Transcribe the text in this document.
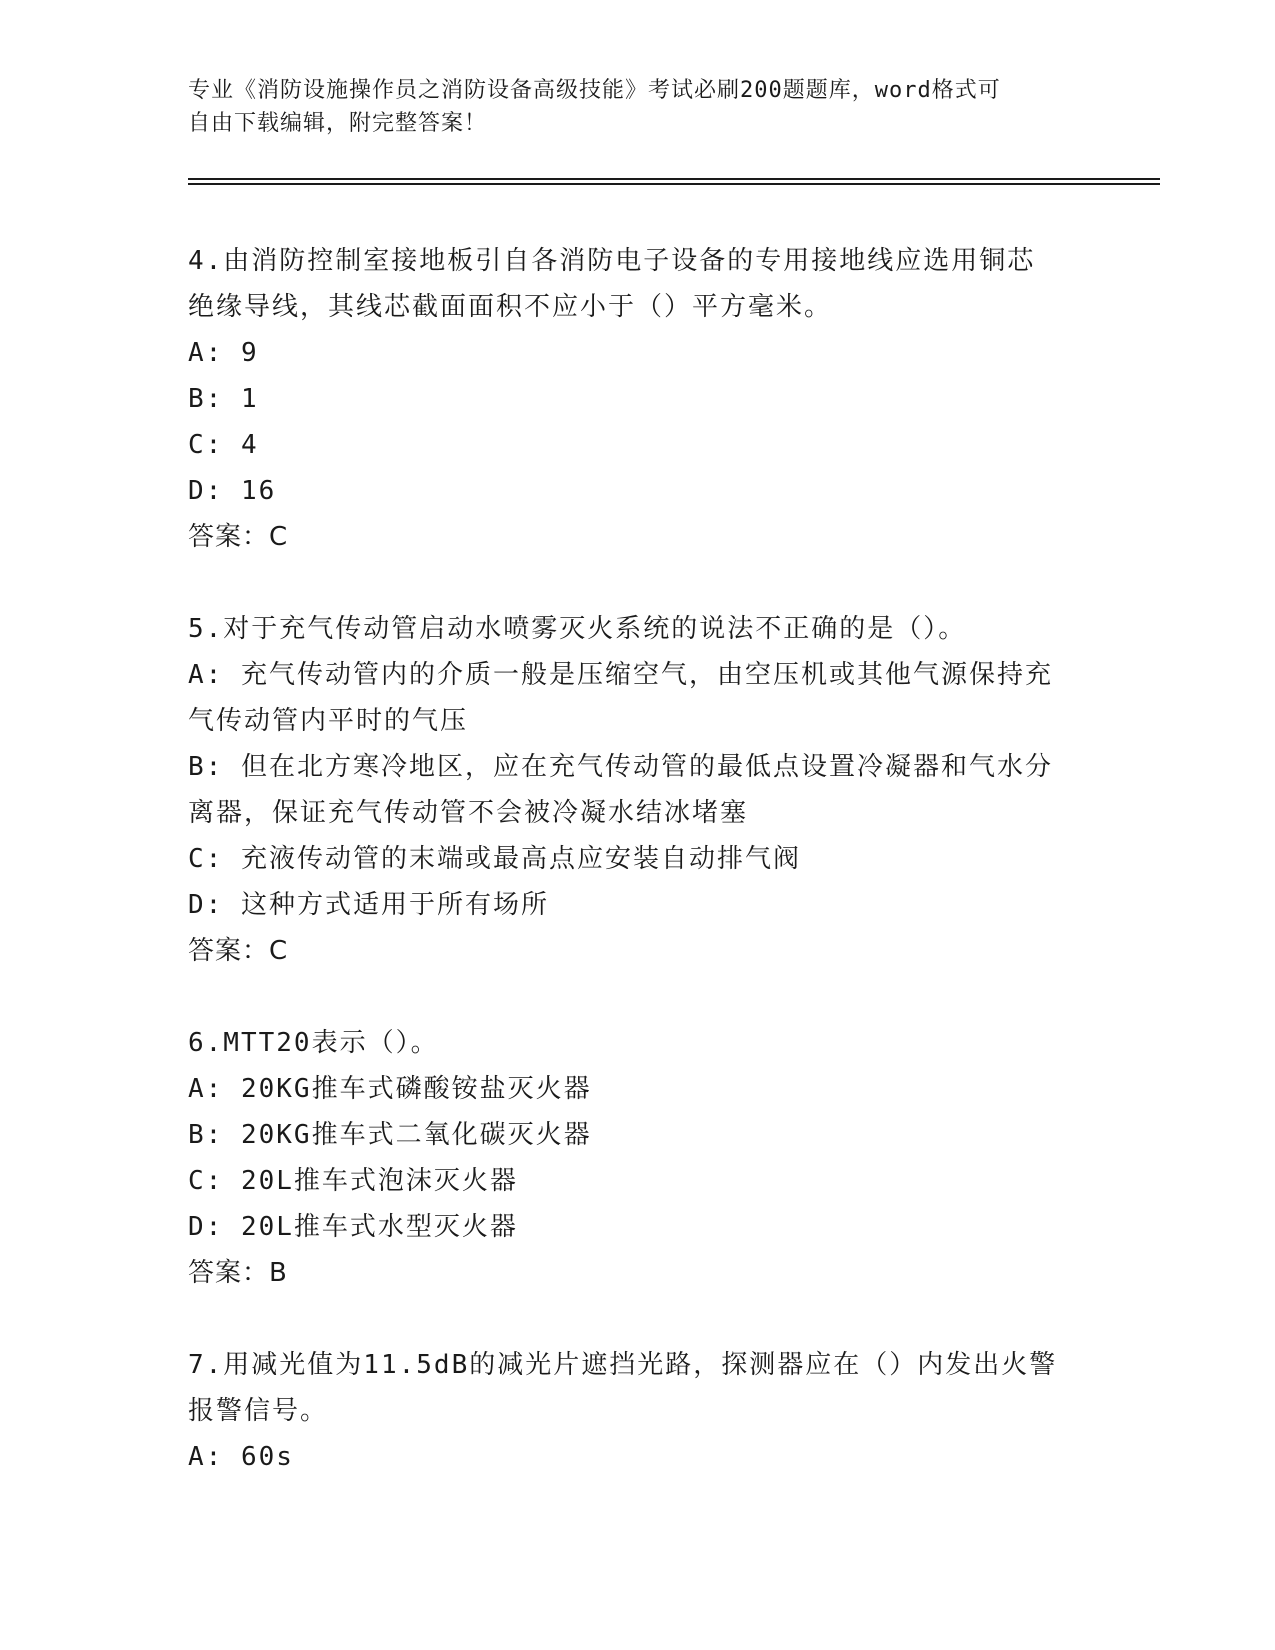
专业《消防设施操作员之消防设备高级技能》考试必刷200题题库，word格式可
自由下载编辑，附完整答案！
4.由消防控制室接地板引自各消防电子设备的专用接地线应选用铜芯
绝缘导线，其线芯截面面积不应小于（）平方毫米。
A: 9
B: 1
C: 4
D: 16
答案：C
5.对于充气传动管启动水喷雾灭火系统的说法不正确的是（）。
A: 充气传动管内的介质一般是压缩空气，由空压机或其他气源保持充
气传动管内平时的气压
B: 但在北方寒冷地区，应在充气传动管的最低点设置冷凝器和气水分
离器，保证充气传动管不会被冷凝水结冰堵塞
C: 充液传动管的末端或最高点应安装自动排气阀
D: 这种方式适用于所有场所
答案：C
6.MTT20表示（）。
A: 20KG推车式磷酸铵盐灭火器
B: 20KG推车式二氧化碳灭火器
C: 20L推车式泡沫灭火器
D: 20L推车式水型灭火器
答案：B
7.用减光值为11.5dB的减光片遮挡光路，探测器应在（）内发出火警
报警信号。
A: 60s
